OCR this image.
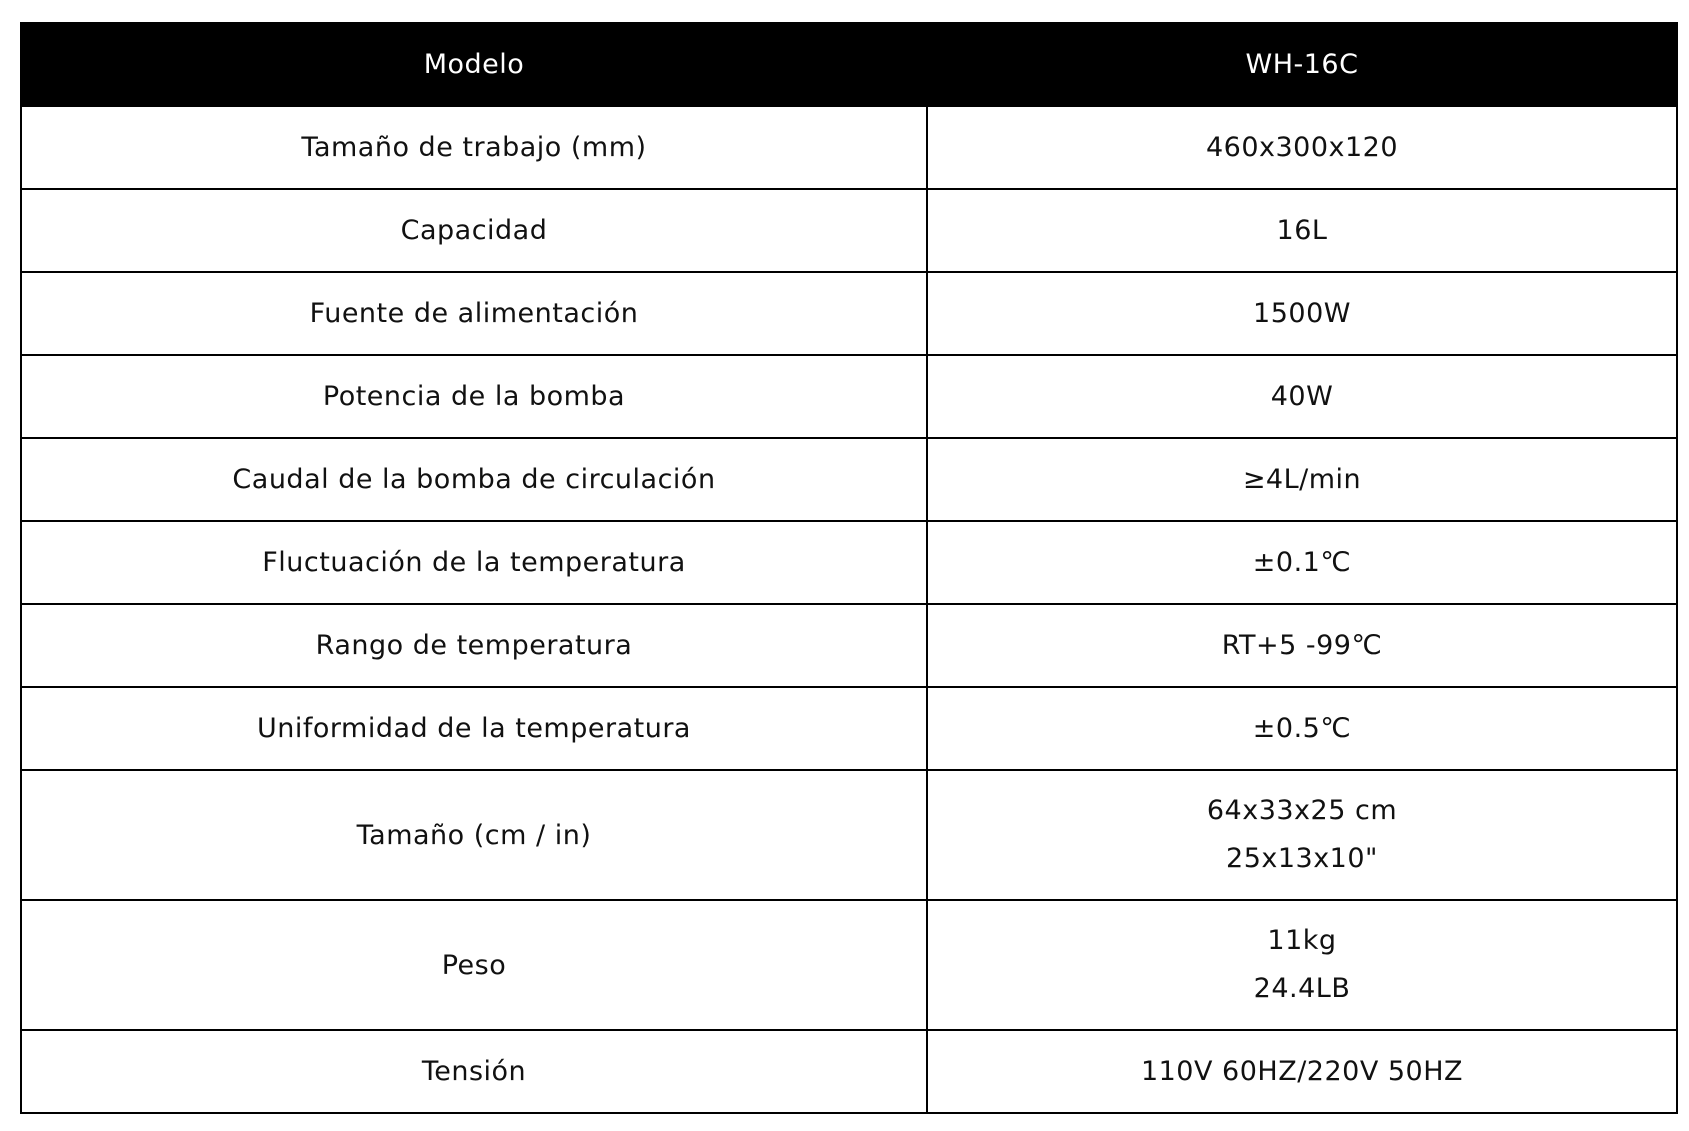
Modelo	WH-16C
Tamaño de trabajo (mm)	460x300x120

Capacidad	16L

Fuente de alimentación	1500W

Potencia de la bomba	40W

Caudal de la bomba de circulación	≥4L/min

Fluctuación de la temperatura	±0.1℃

Rango de temperatura	RT+5 -99℃

Uniformidad de la temperatura	±0.5℃

Tamaño (cm / in)	64x33x25 cm
25x13x10"

Peso	11kg
24.4LB

Tensión	110V 60HZ/220V 50HZ
